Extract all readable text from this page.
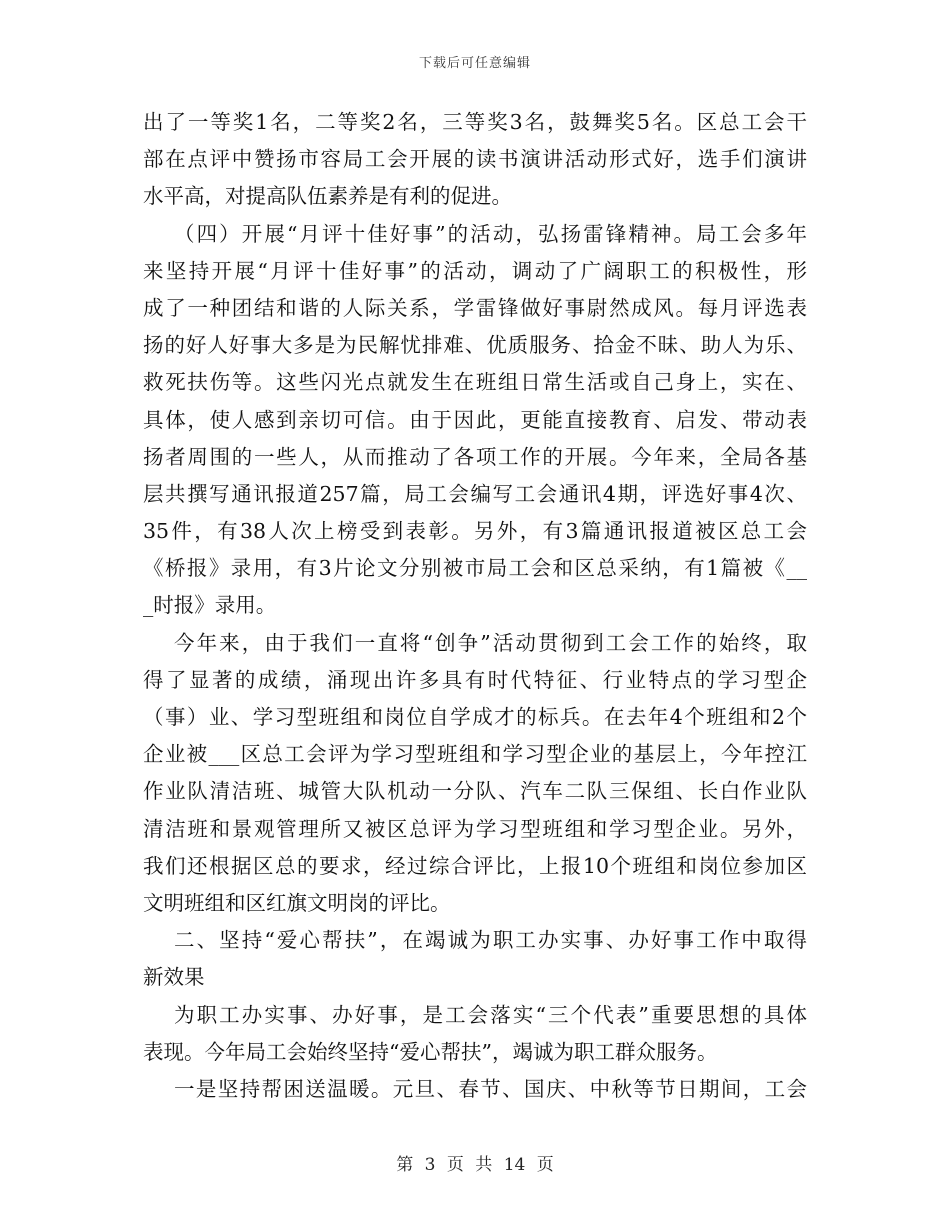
下载后可任意编辑
出了一等奖1名，二等奖2名，三等奖3名，鼓舞奖5名。区总工会干
部在点评中赞扬市容局工会开展的读书演讲活动形式好，选手们演讲
水平高，对提高队伍素养是有利的促进。
（四）开展“月评十佳好事”的活动，弘扬雷锋精神。局工会多年
来坚持开展“月评十佳好事”的活动，调动了广阔职工的积极性，形
成了一种团结和谐的人际关系，学雷锋做好事尉然成风。每月评选表
扬的好人好事大多是为民解忧排难、优质服务、拾金不昧、助人为乐、
救死扶伤等。这些闪光点就发生在班组日常生活或自己身上，实在、
具体，使人感到亲切可信。由于因此，更能直接教育、启发、带动表
扬者周围的一些人，从而推动了各项工作的开展。今年来，全局各基
层共撰写通讯报道257篇，局工会编写工会通讯4期，评选好事4次、
35件，有38人次上榜受到表彰。另外，有3篇通讯报道被区总工会
《桥报》录用，有3片论文分别被市局工会和区总采纳，有1篇被《__
_时报》录用。
今年来，由于我们一直将“创争”活动贯彻到工会工作的始终，取
得了显著的成绩，涌现出许多具有时代特征、行业特点的学习型企
（事）业、学习型班组和岗位自学成才的标兵。在去年4个班组和2个
企业被___区总工会评为学习型班组和学习型企业的基层上，今年控江
作业队清洁班、城管大队机动一分队、汽车二队三保组、长白作业队
清洁班和景观管理所又被区总评为学习型班组和学习型企业。另外，
我们还根据区总的要求，经过综合评比，上报10个班组和岗位参加区
文明班组和区红旗文明岗的评比。
二、坚持“爱心帮扶”，在竭诚为职工办实事、办好事工作中取得
新效果
为职工办实事、办好事，是工会落实“三个代表”重要思想的具体
表现。今年局工会始终坚持“爱心帮扶”，竭诚为职工群众服务。
一是坚持帮困送温暖。元旦、春节、国庆、中秋等节日期间，工会
第 3 页 共 14 页
